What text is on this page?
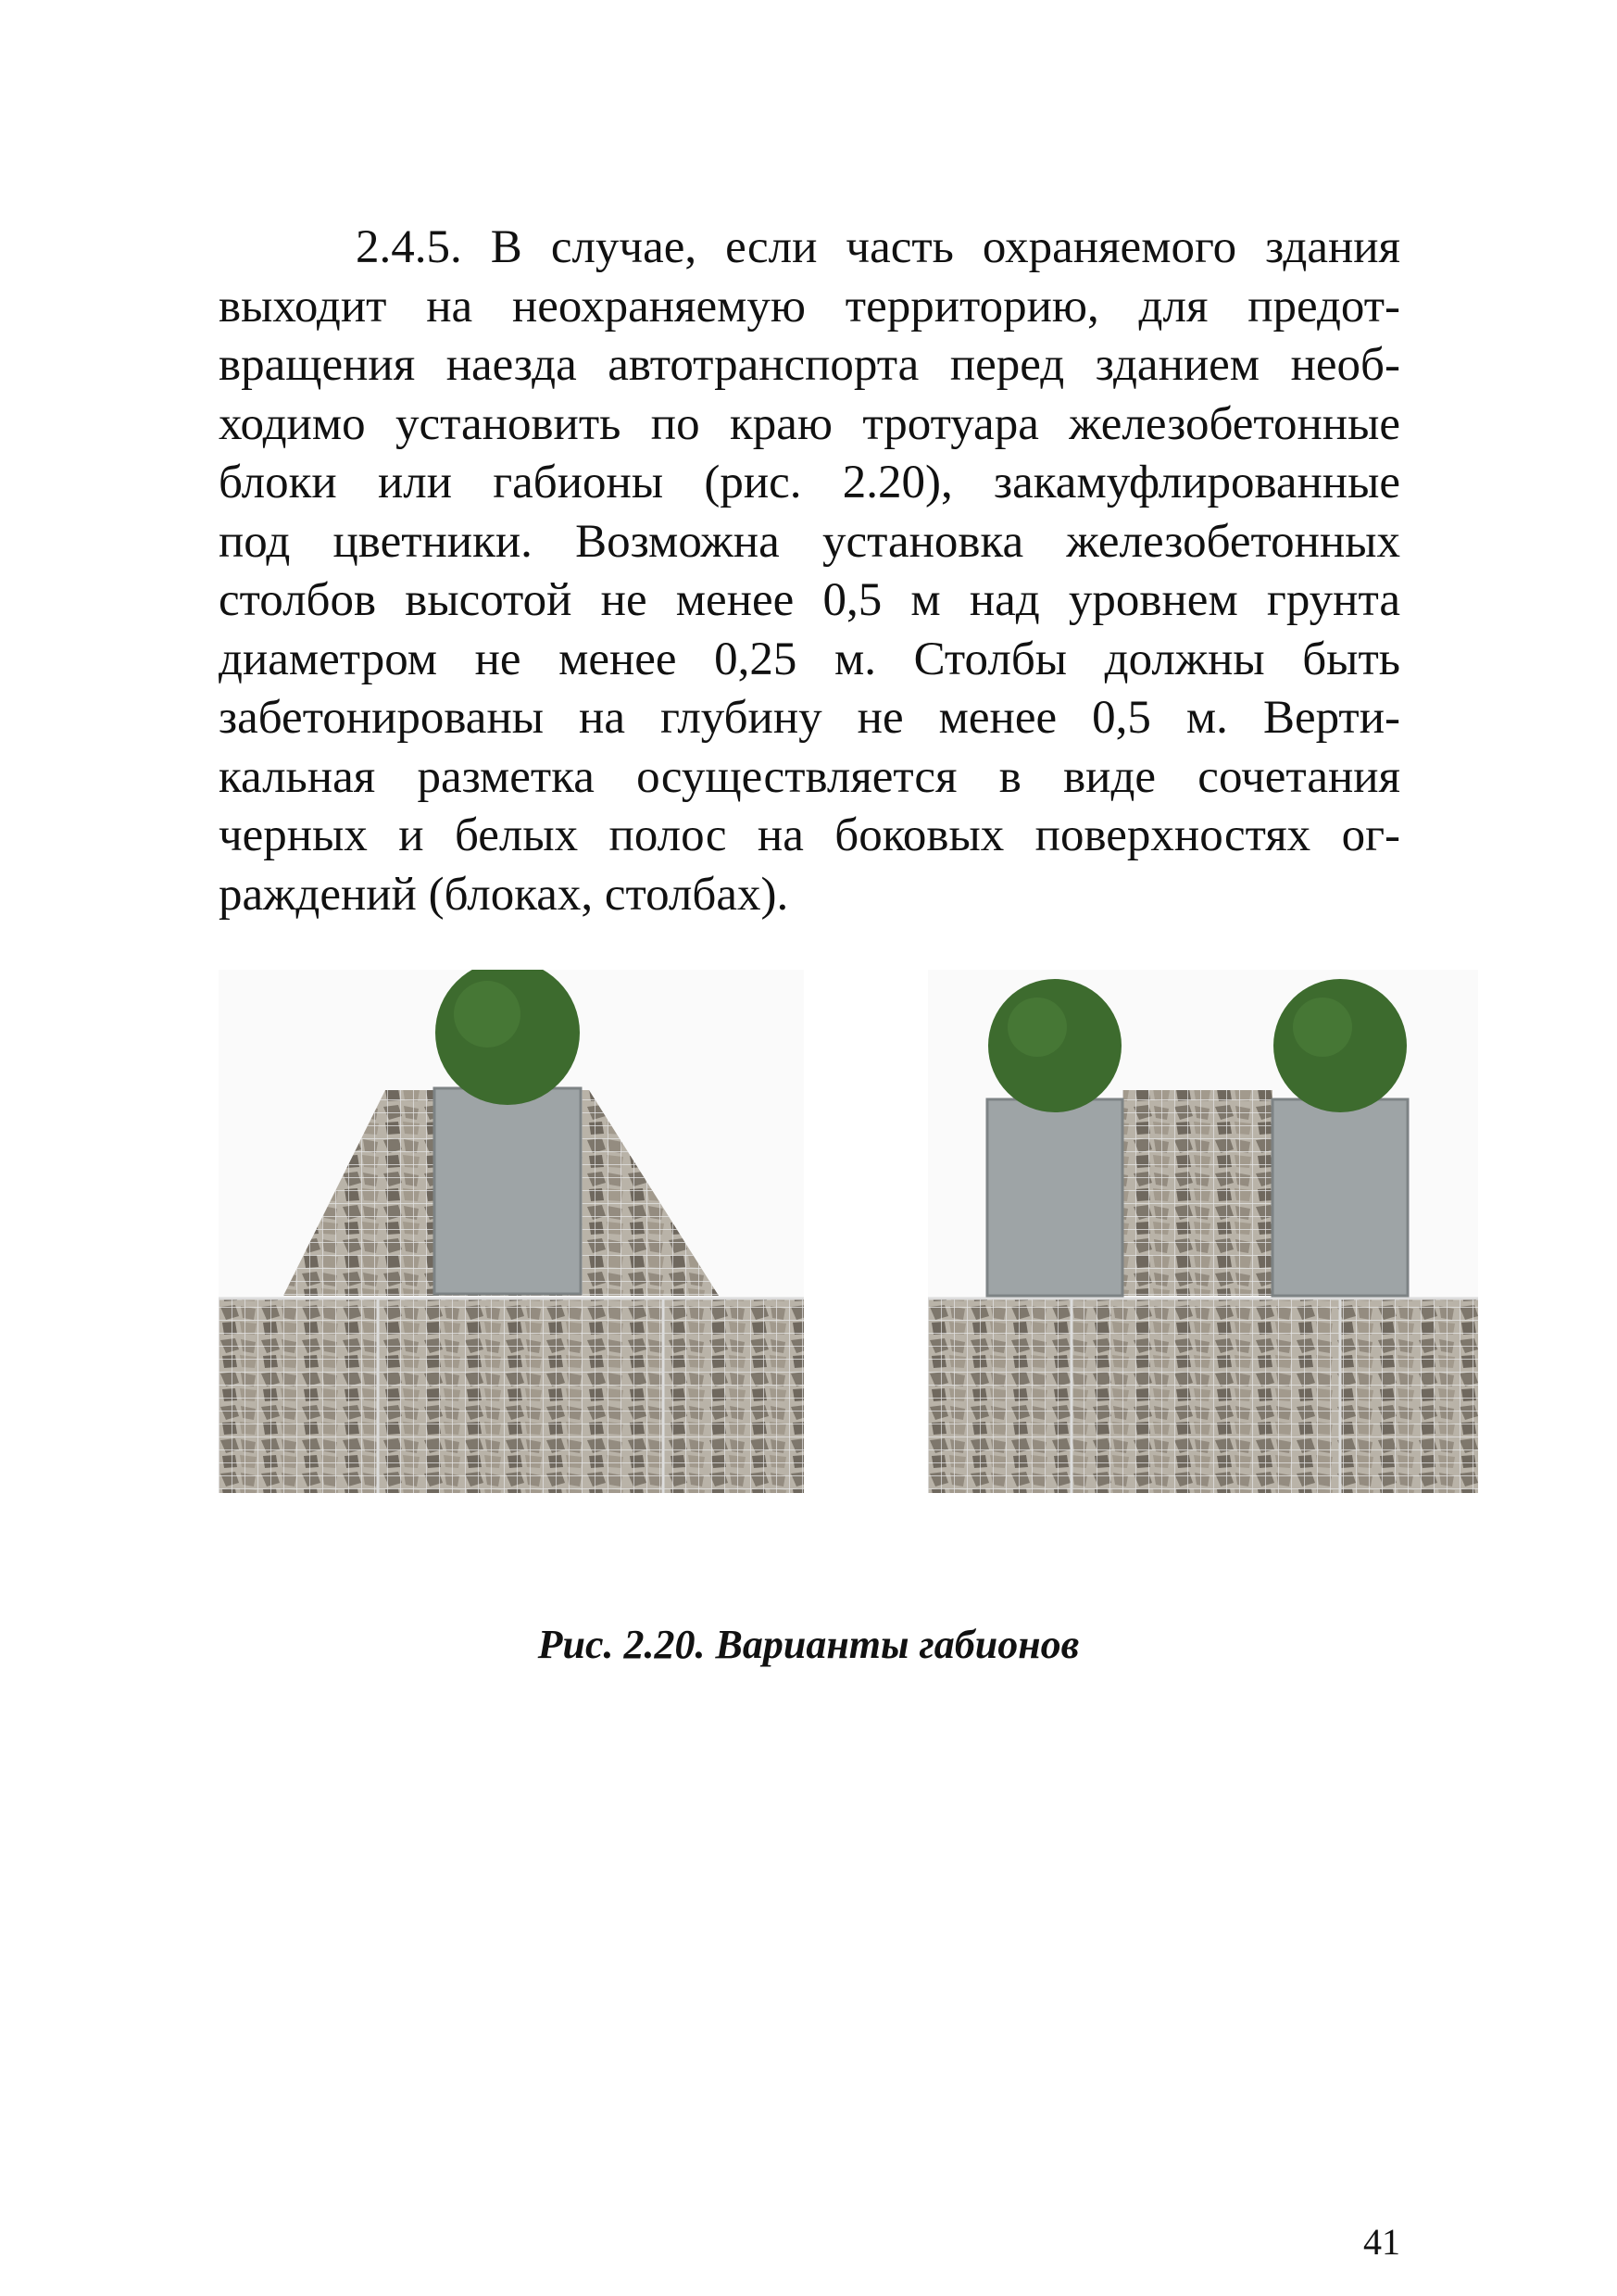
2.4.5. В случае, если часть охраняемого здания
выходит на неохраняемую территорию, для предот-
вращения наезда автотранспорта перед зданием необ-
ходимо установить по краю тротуара железобетонные
блоки или габионы (рис. 2.20), закамуфлированные
под цветники. Возможна установка железобетонных
столбов высотой не менее 0,5 м над уровнем грунта
диаметром не менее 0,25 м. Столбы должны быть
забетонированы на глубину не менее 0,5 м. Верти-
кальная разметка осуществляется в виде сочетания
черных и белых полос на боковых поверхностях ог-
раждений (блоках, столбах).
Рис. 2.20. Варианты габионов
41
